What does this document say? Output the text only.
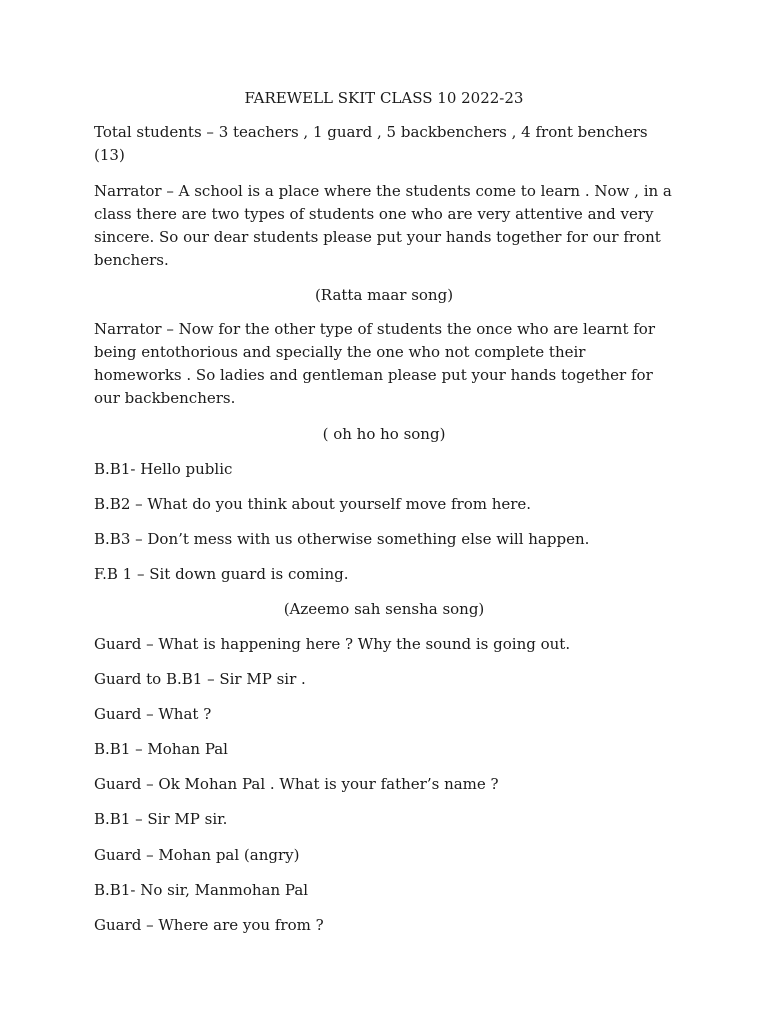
FAREWELL SKIT CLASS 10 2022-23

Total students – 3 teachers , 1 guard , 5 backbenchers , 4 front benchers (13)

Narrator – A school is a place where the students come to learn . Now , in a class there are two types of students one who are very attentive and very sincere. So our dear students please put your hands together for our front benchers.

(Ratta maar song)

Narrator – Now for the other type of students the once who are learnt for being entothorious and specially the one who not complete their homeworks . So ladies and gentleman please put your hands together for our backbenchers.

( oh ho ho song)

B.B1- Hello public

B.B2 – What do you think about yourself move from here.

B.B3 – Don’t mess with us otherwise something else will happen.

F.B 1 – Sit down guard is coming.

(Azeemo sah sensha song)

Guard – What is happening here ? Why the sound is going out.

Guard to B.B1 – Sir MP sir .

Guard – What ?

B.B1 – Mohan Pal

Guard – Ok Mohan Pal . What is your father’s name ?

B.B1 – Sir MP sir.

Guard – Mohan pal (angry)

B.B1- No sir, Manmohan Pal

Guard – Where are you from ?
